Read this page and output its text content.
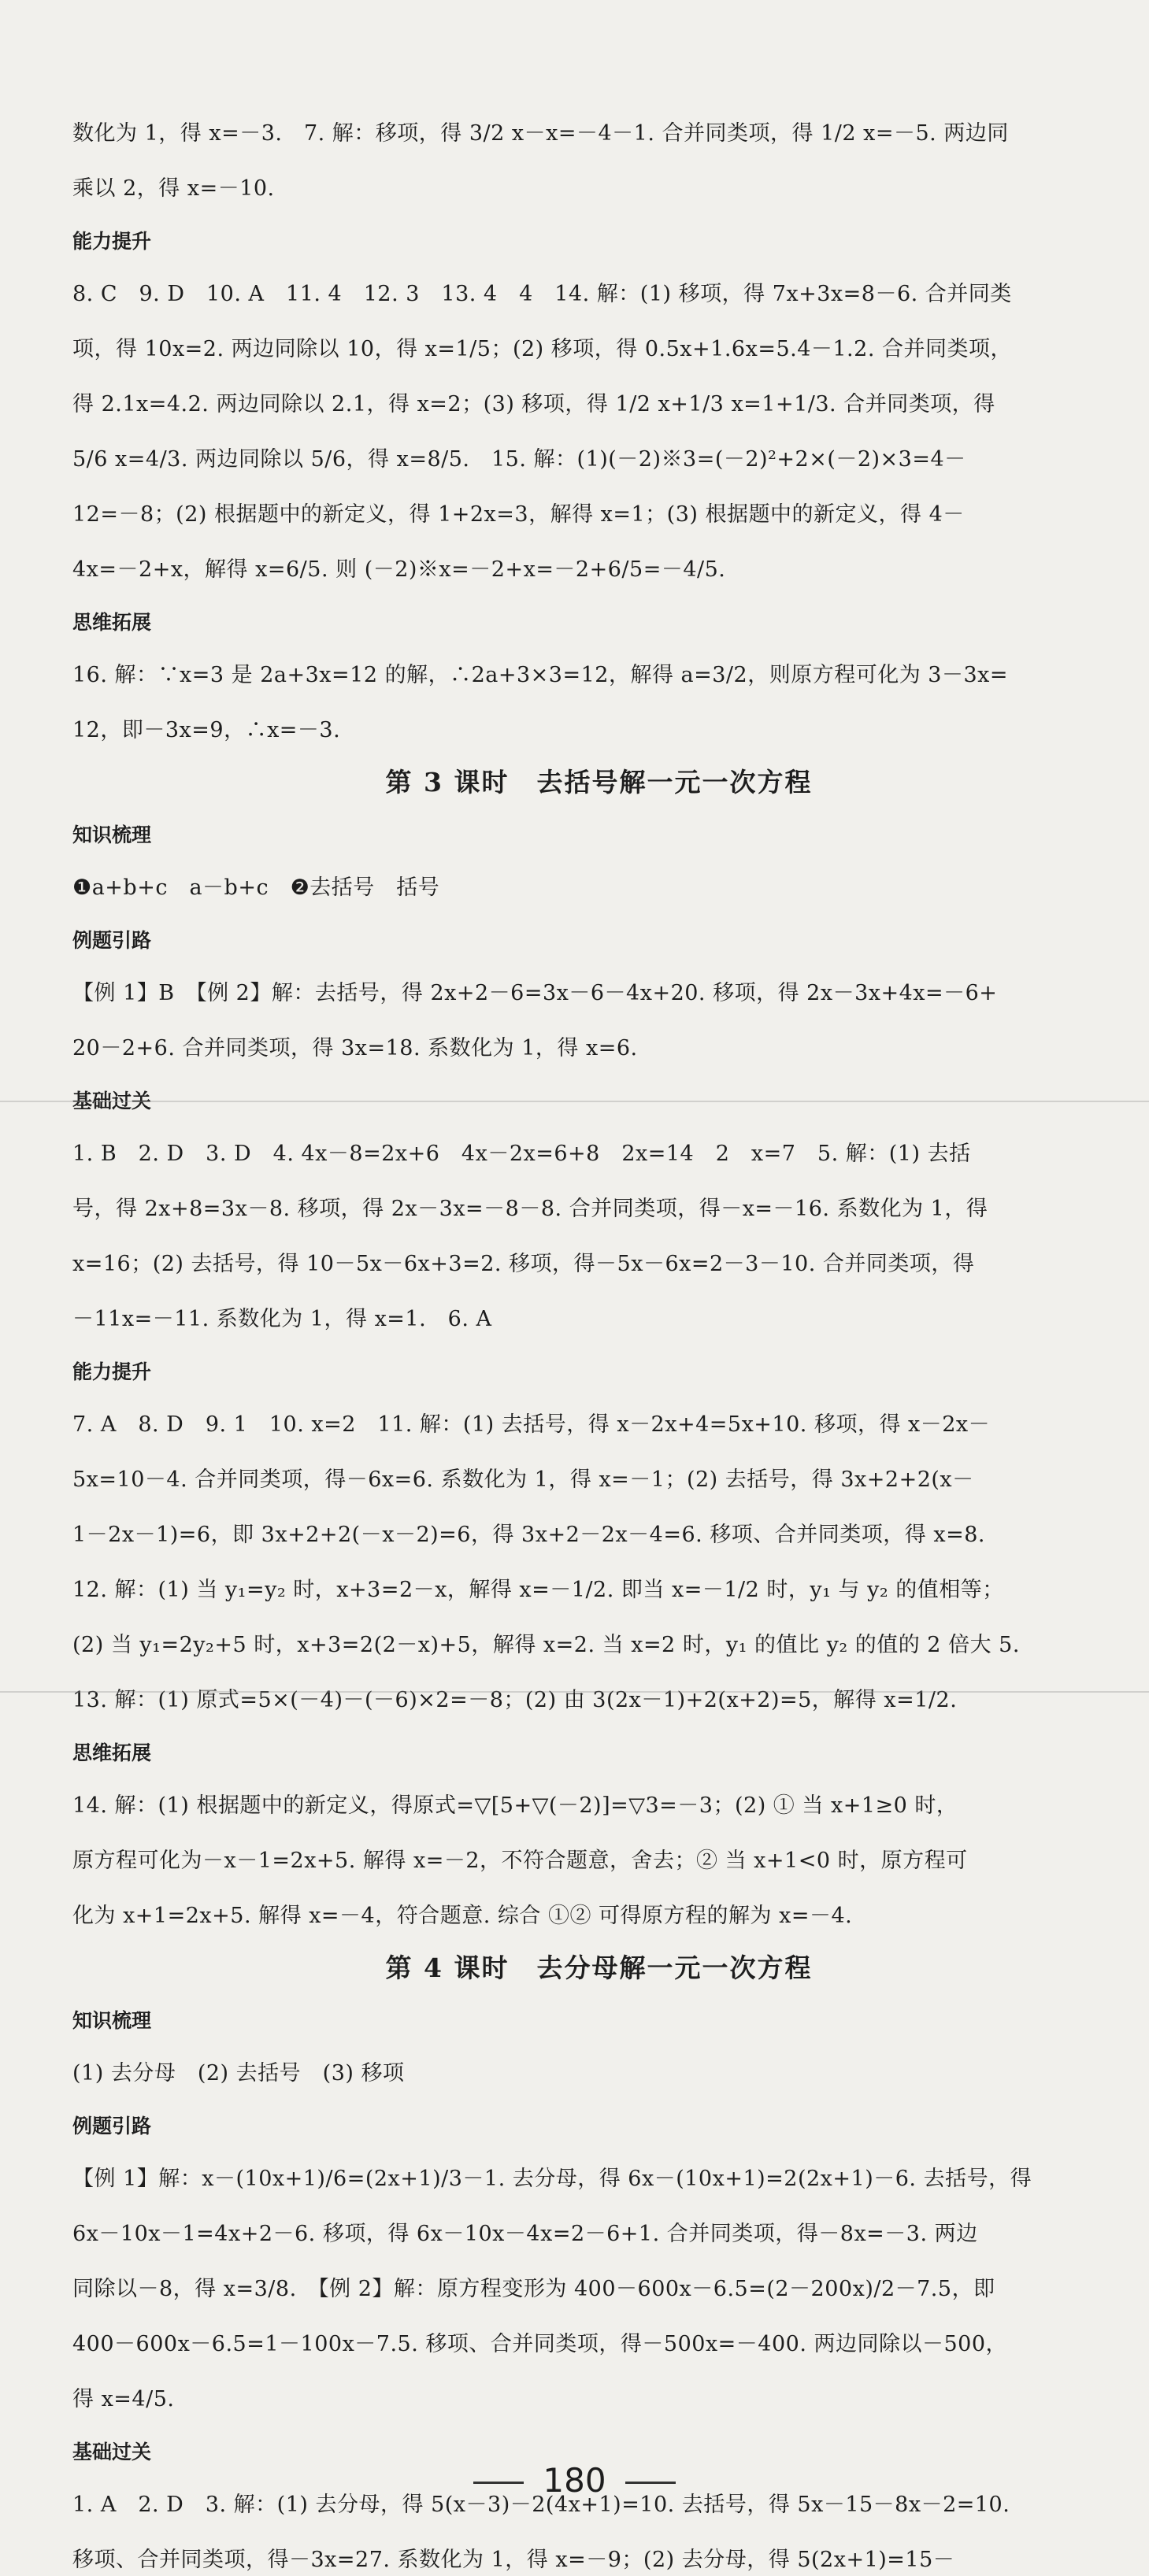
数化为 1，得 x=－3.　7. 解：移项，得 3/2 x－x=－4－1. 合并同类项，得 1/2 x=－5. 两边同
乘以 2，得 x=－10.
能力提升
8. C　9. D　10. A　11. 4　12. 3　13. 4　4　14. 解：(1) 移项，得 7x+3x=8－6. 合并同类
项，得 10x=2. 两边同除以 10，得 x=1/5；(2) 移项，得 0.5x+1.6x=5.4－1.2. 合并同类项，
得 2.1x=4.2. 两边同除以 2.1，得 x=2；(3) 移项，得 1/2 x+1/3 x=1+1/3. 合并同类项，得
5/6 x=4/3. 两边同除以 5/6，得 x=8/5.　15. 解：(1)(－2)※3=(－2)²+2×(－2)×3=4－
12=－8；(2) 根据题中的新定义，得 1+2x=3，解得 x=1；(3) 根据题中的新定义，得 4－
4x=－2+x，解得 x=6/5. 则 (－2)※x=－2+x=－2+6/5=－4/5.
思维拓展
16. 解：∵x=3 是 2a+3x=12 的解，∴2a+3×3=12，解得 a=3/2，则原方程可化为 3－3x=
12，即－3x=9，∴x=－3.
第 3 课时　去括号解一元一次方程
知识梳理
❶a+b+c　a－b+c　❷去括号　括号
例题引路
【例 1】B　【例 2】解：去括号，得 2x+2－6=3x－6－4x+20. 移项，得 2x－3x+4x=－6+
20－2+6. 合并同类项，得 3x=18. 系数化为 1，得 x=6.
基础过关
1. B　2. D　3. D　4. 4x－8=2x+6　4x－2x=6+8　2x=14　2　x=7　5. 解：(1) 去括
号，得 2x+8=3x－8. 移项，得 2x－3x=－8－8. 合并同类项，得－x=－16. 系数化为 1，得
x=16；(2) 去括号，得 10－5x－6x+3=2. 移项，得－5x－6x=2－3－10. 合并同类项，得
－11x=－11. 系数化为 1，得 x=1.　6. A
能力提升
7. A　8. D　9. 1　10. x=2　11. 解：(1) 去括号，得 x－2x+4=5x+10. 移项，得 x－2x－
5x=10－4. 合并同类项，得－6x=6. 系数化为 1，得 x=－1；(2) 去括号，得 3x+2+2(x－
1－2x－1)=6，即 3x+2+2(－x－2)=6，得 3x+2－2x－4=6. 移项、合并同类项，得 x=8.
12. 解：(1) 当 y₁=y₂ 时，x+3=2－x，解得 x=－1/2. 即当 x=－1/2 时，y₁ 与 y₂ 的值相等；
(2) 当 y₁=2y₂+5 时，x+3=2(2－x)+5，解得 x=2. 当 x=2 时，y₁ 的值比 y₂ 的值的 2 倍大 5.
13. 解：(1) 原式=5×(－4)－(－6)×2=－8；(2) 由 3(2x－1)+2(x+2)=5，解得 x=1/2.
思维拓展
14. 解：(1) 根据题中的新定义，得原式=▽[5+▽(－2)]=▽3=－3；(2) ① 当 x+1≥0 时，
原方程可化为－x－1=2x+5. 解得 x=－2，不符合题意，舍去；② 当 x+1<0 时，原方程可
化为 x+1=2x+5. 解得 x=－4，符合题意. 综合 ①② 可得原方程的解为 x=－4.
第 4 课时　去分母解一元一次方程
知识梳理
(1) 去分母　(2) 去括号　(3) 移项
例题引路
【例 1】解：x－(10x+1)/6=(2x+1)/3－1. 去分母，得 6x－(10x+1)=2(2x+1)－6. 去括号，得
6x－10x－1=4x+2－6. 移项，得 6x－10x－4x=2－6+1. 合并同类项，得－8x=－3. 两边
同除以－8，得 x=3/8.　【例 2】解：原方程变形为 400－600x－6.5=(2－200x)/2－7.5，即
400－600x－6.5=1－100x－7.5. 移项、合并同类项，得－500x=－400. 两边同除以－500，
得 x=4/5.
基础过关
1. A　2. D　3. 解：(1) 去分母，得 5(x－3)－2(4x+1)=10. 去括号，得 5x－15－8x－2=10.
移项、合并同类项，得－3x=27. 系数化为 1，得 x=－9；(2) 去分母，得 5(2x+1)=15－
180
